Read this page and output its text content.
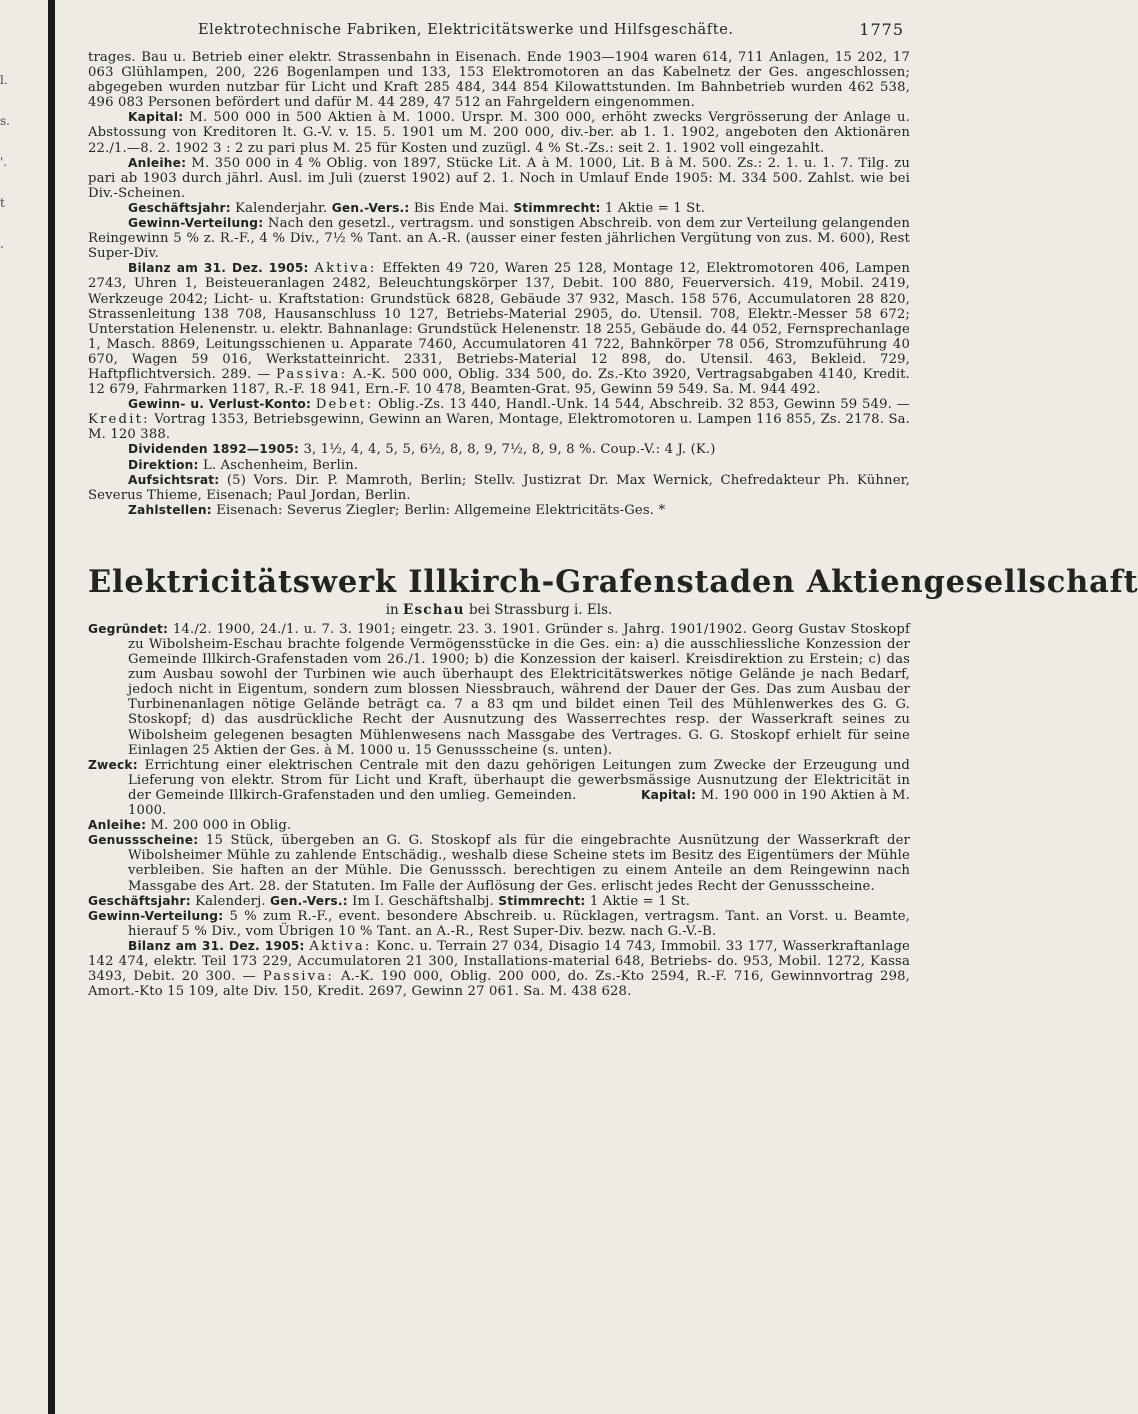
l.
s.
'.
t
.
Elektrotechnische Fabriken, Elektricitätswerke und Hilfsgeschäfte.	1775

trages. Bau u. Betrieb einer elektr. Strassenbahn in Eisenach. Ende 1903—1904 waren 614, 711 Anlagen, 15 202, 17 063 Glühlampen, 200, 226 Bogenlampen und 133, 153 Elektromotoren an das Kabelnetz der Ges. angeschlossen; abgegeben wurden nutzbar für Licht und Kraft 285 484, 344 854 Kilowattstunden. Im Bahnbetrieb wurden 462 538, 496 083 Personen befördert und dafür M. 44 289, 47 512 an Fahrgeldern eingenommen.

Kapital: M. 500 000 in 500 Aktien à M. 1000. Urspr. M. 300 000, erhöht zwecks Vergrösserung der Anlage u. Abstossung von Kreditoren lt. G.-V. v. 15. 5. 1901 um M. 200 000, div.-ber. ab 1. 1. 1902, angeboten den Aktionären 22./1.—8. 2. 1902 3 : 2 zu pari plus M. 25 für Kosten und zuzügl. 4 % St.-Zs.: seit 2. 1. 1902 voll eingezahlt.

Anleihe: M. 350 000 in 4 % Oblig. von 1897, Stücke Lit. A à M. 1000, Lit. B à M. 500. Zs.: 2. 1. u. 1. 7. Tilg. zu pari ab 1903 durch jährl. Ausl. im Juli (zuerst 1902) auf 2. 1. Noch in Umlauf Ende 1905: M. 334 500. Zahlst. wie bei Div.-Scheinen.

Geschäftsjahr: Kalenderjahr. Gen.-Vers.: Bis Ende Mai. Stimmrecht: 1 Aktie = 1 St.

Gewinn-Verteilung: Nach den gesetzl., vertragsm. und sonstigen Abschreib. von dem zur Verteilung gelangenden Reingewinn 5 % z. R.-F., 4 % Div., 7½ % Tant. an A.-R. (ausser einer festen jährlichen Vergütung von zus. M. 600), Rest Super-Div.

Bilanz am 31. Dez. 1905: Aktiva: Effekten 49 720, Waren 25 128, Montage 12, Elektromotoren 406, Lampen 2743, Uhren 1, Beisteueranlagen 2482, Beleuchtungskörper 137, Debit. 100 880, Feuerversich. 419, Mobil. 2419, Werkzeuge 2042; Licht- u. Kraftstation: Grundstück 6828, Gebäude 37 932, Masch. 158 576, Accumulatoren 28 820, Strassenleitung 138 708, Hausanschluss 10 127, Betriebs-Material 2905, do. Utensil. 708, Elektr.-Messer 58 672; Unterstation Helenenstr. u. elektr. Bahnanlage: Grundstück Helenenstr. 18 255, Gebäude do. 44 052, Fernsprechanlage 1, Masch. 8869, Leitungsschienen u. Apparate 7460, Accumulatoren 41 722, Bahnkörper 78 056, Stromzuführung 40 670, Wagen 59 016, Werkstatteinricht. 2331, Betriebs-Material 12 898, do. Utensil. 463, Bekleid. 729, Haftpflichtversich. 289. — Passiva: A.-K. 500 000, Oblig. 334 500, do. Zs.-Kto 3920, Vertragsabgaben 4140, Kredit. 12 679, Fahrmarken 1187, R.-F. 18 941, Ern.-F. 10 478, Beamten-Grat. 95, Gewinn 59 549. Sa. M. 944 492.

Gewinn- u. Verlust-Konto: Debet: Oblig.-Zs. 13 440, Handl.-Unk. 14 544, Abschreib. 32 853, Gewinn 59 549. — Kredit: Vortrag 1353, Betriebsgewinn, Gewinn an Waren, Montage, Elektromotoren u. Lampen 116 855, Zs. 2178. Sa. M. 120 388.

Dividenden 1892—1905: 3, 1½, 4, 4, 5, 5, 6½, 8, 8, 9, 7½, 8, 9, 8 %. Coup.-V.: 4 J. (K.)

Direktion: L. Aschenheim, Berlin.

Aufsichtsrat: (5) Vors. Dir. P. Mamroth, Berlin; Stellv. Justizrat Dr. Max Wernick, Chefredakteur Ph. Kühner, Severus Thieme, Eisenach; Paul Jordan, Berlin.

Zahlstellen: Eisenach: Severus Ziegler; Berlin: Allgemeine Elektricitäts-Ges. *

Elektricitätswerk Illkirch-Grafenstaden Aktiengesellschaft
in Eschau bei Strassburg i. Els.

Gegründet: 14./2. 1900, 24./1. u. 7. 3. 1901; eingetr. 23. 3. 1901. Gründer s. Jahrg. 1901/1902. Georg Gustav Stoskopf zu Wibolsheim-Eschau brachte folgende Vermögensstücke in die Ges. ein: a) die ausschliessliche Konzession der Gemeinde Illkirch-Grafenstaden vom 26./1. 1900; b) die Konzession der kaiserl. Kreisdirektion zu Erstein; c) das zum Ausbau sowohl der Turbinen wie auch überhaupt des Elektricitätswerkes nötige Gelände je nach Bedarf, jedoch nicht in Eigentum, sondern zum blossen Niessbrauch, während der Dauer der Ges. Das zum Ausbau der Turbinenanlagen nötige Gelände beträgt ca. 7 a 83 qm und bildet einen Teil des Mühlenwerkes des G. G. Stoskopf; d) das ausdrückliche Recht der Ausnutzung des Wasserrechtes resp. der Wasserkraft seines zu Wibolsheim gelegenen besagten Mühlenwesens nach Massgabe des Vertrages. G. G. Stoskopf erhielt für seine Einlagen 25 Aktien der Ges. à M. 1000 u. 15 Genussscheine (s. unten).

Zweck: Errichtung einer elektrischen Centrale mit den dazu gehörigen Leitungen zum Zwecke der Erzeugung und Lieferung von elektr. Strom für Licht und Kraft, überhaupt die gewerbsmässige Ausnutzung der Elektricität in der Gemeinde Illkirch-Grafenstaden und den umlieg. Gemeinden.	Kapital: M. 190 000 in 190 Aktien à M. 1000.

Anleihe: M. 200 000 in Oblig.

Genussscheine: 15 Stück, übergeben an G. G. Stoskopf als für die eingebrachte Ausnützung der Wasserkraft der Wibolsheimer Mühle zu zahlende Entschädig., weshalb diese Scheine stets im Besitz des Eigentümers der Mühle verbleiben. Sie haften an der Mühle. Die Genusssch. berechtigen zu einem Anteile an dem Reingewinn nach Massgabe des Art. 28. der Statuten. Im Falle der Auflösung der Ges. erlischt jedes Recht der Genussscheine.

Geschäftsjahr: Kalenderj. Gen.-Vers.: Im I. Geschäftshalbj. Stimmrecht: 1 Aktie = 1 St.

Gewinn-Verteilung: 5 % zum R.-F., event. besondere Abschreib. u. Rücklagen, vertragsm. Tant. an Vorst. u. Beamte, hierauf 5 % Div., vom Übrigen 10 % Tant. an A.-R., Rest Super-Div. bezw. nach G.-V.-B.

Bilanz am 31. Dez. 1905: Aktiva: Konc. u. Terrain 27 034, Disagio 14 743, Immobil. 33 177, Wasserkraftanlage 142 474, elektr. Teil 173 229, Accumulatoren 21 300, Installations-material 648, Betriebs- do. 953, Mobil. 1272, Kassa 3493, Debit. 20 300. — Passiva: A.-K. 190 000, Oblig. 200 000, do. Zs.-Kto 2594, R.-F. 716, Gewinnvortrag 298, Amort.-Kto 15 109, alte Div. 150, Kredit. 2697, Gewinn 27 061. Sa. M. 438 628.
